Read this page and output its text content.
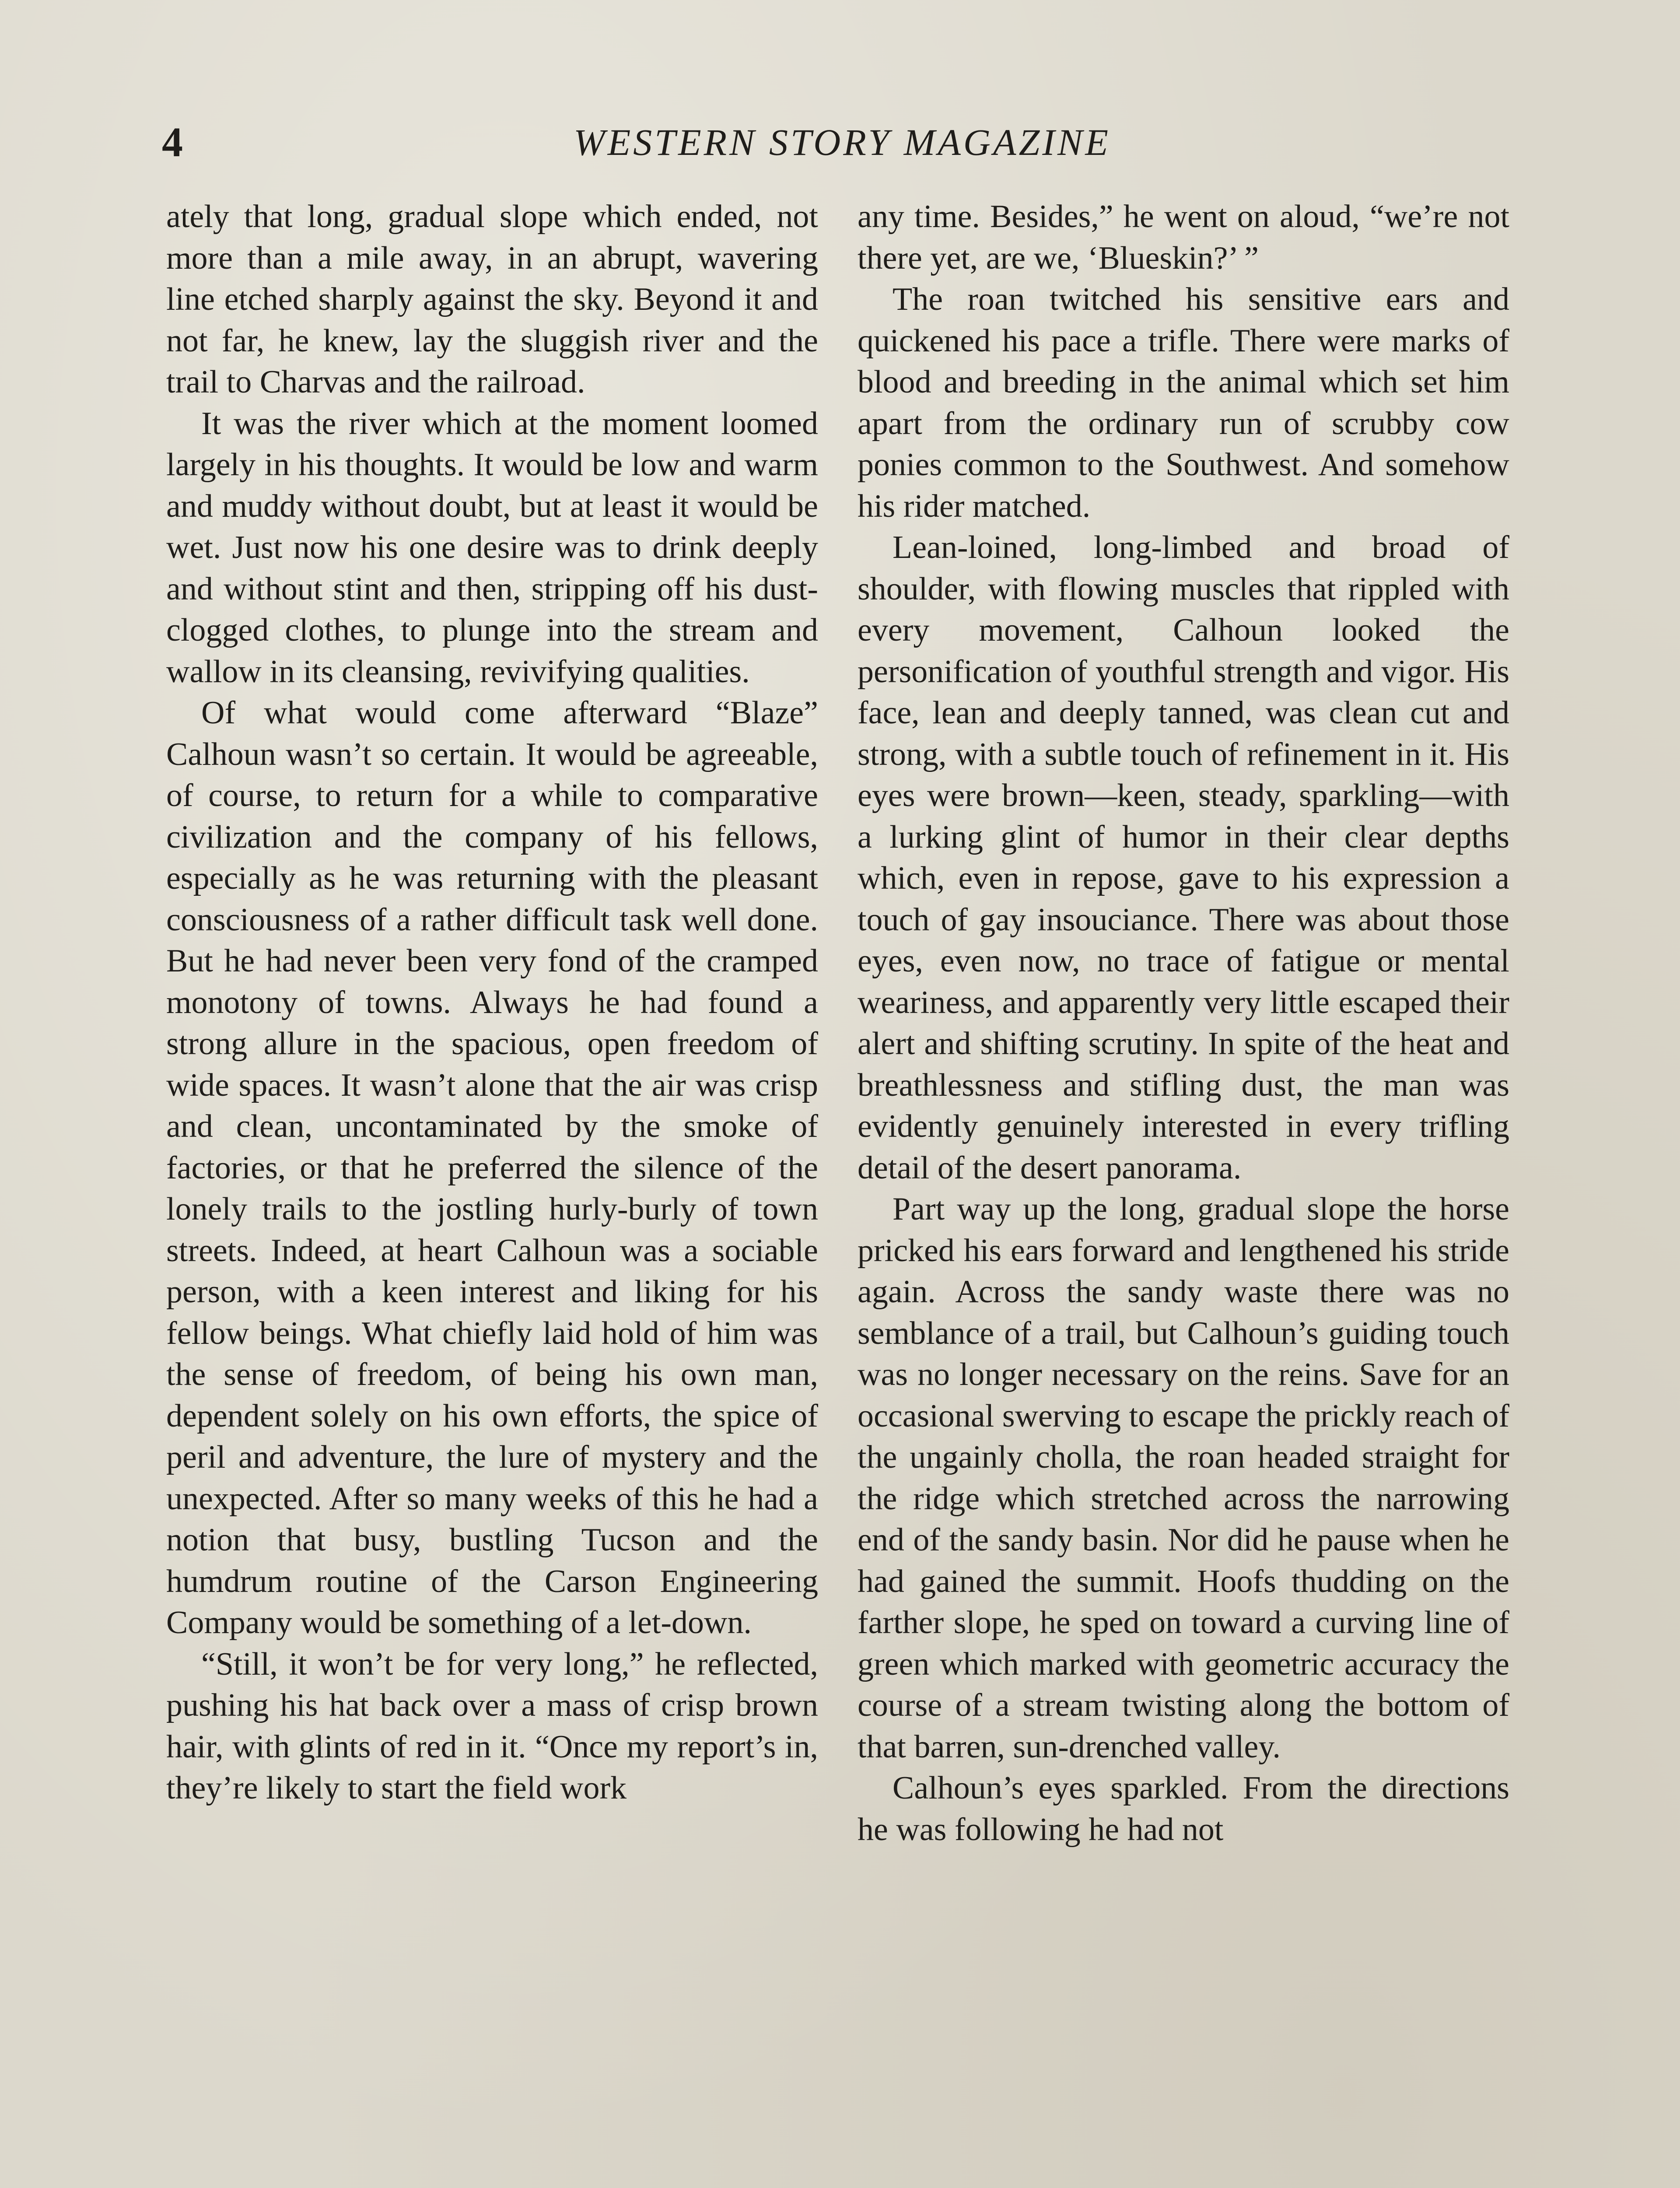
4	WESTERN STORY MAGAZINE

ately that long, gradual slope which ended, not more than a mile away, in an abrupt, wavering line etched sharply against the sky. Beyond it and not far, he knew, lay the sluggish river and the trail to Charvas and the railroad.

It was the river which at the moment loomed largely in his thoughts. It would be low and warm and muddy without doubt, but at least it would be wet. Just now his one desire was to drink deeply and without stint and then, stripping off his dust-clogged clothes, to plunge into the stream and wallow in its cleansing, revivifying qualities.

Of what would come afterward “Blaze” Calhoun wasn’t so certain. It would be agreeable, of course, to return for a while to comparative civilization and the company of his fellows, especially as he was returning with the pleasant consciousness of a rather difficult task well done. But he had never been very fond of the cramped monotony of towns. Always he had found a strong allure in the spacious, open freedom of wide spaces. It wasn’t alone that the air was crisp and clean, uncontaminated by the smoke of factories, or that he preferred the silence of the lonely trails to the jostling hurly-burly of town streets. Indeed, at heart Calhoun was a sociable person, with a keen interest and liking for his fellow beings. What chiefly laid hold of him was the sense of freedom, of being his own man, dependent solely on his own efforts, the spice of peril and adventure, the lure of mystery and the unexpected. After so many weeks of this he had a notion that busy, bustling Tucson and the humdrum routine of the Carson Engineering Company would be something of a let-down.

“Still, it won’t be for very long,” he reflected, pushing his hat back over a mass of crisp brown hair, with glints of red in it. “Once my report’s in, they’re likely to start the field work

any time. Besides,” he went on aloud, “we’re not there yet, are we, ‘Blueskin?’ ”

The roan twitched his sensitive ears and quickened his pace a trifle. There were marks of blood and breeding in the animal which set him apart from the ordinary run of scrubby cow ponies common to the Southwest. And somehow his rider matched.

Lean-loined, long-limbed and broad of shoulder, with flowing muscles that rippled with every movement, Calhoun looked the personification of youthful strength and vigor. His face, lean and deeply tanned, was clean cut and strong, with a subtle touch of refinement in it. His eyes were brown—keen, steady, sparkling—with a lurking glint of humor in their clear depths which, even in repose, gave to his expression a touch of gay insouciance. There was about those eyes, even now, no trace of fatigue or mental weariness, and apparently very little escaped their alert and shifting scrutiny. In spite of the heat and breathlessness and stifling dust, the man was evidently genuinely interested in every trifling detail of the desert panorama.

Part way up the long, gradual slope the horse pricked his ears forward and lengthened his stride again. Across the sandy waste there was no semblance of a trail, but Calhoun’s guiding touch was no longer necessary on the reins. Save for an occasional swerving to escape the prickly reach of the ungainly cholla, the roan headed straight for the ridge which stretched across the narrowing end of the sandy basin. Nor did he pause when he had gained the summit. Hoofs thudding on the farther slope, he sped on toward a curving line of green which marked with geometric accuracy the course of a stream twisting along the bottom of that barren, sun-drenched valley.

Calhoun’s eyes sparkled. From the directions he was following he had not
